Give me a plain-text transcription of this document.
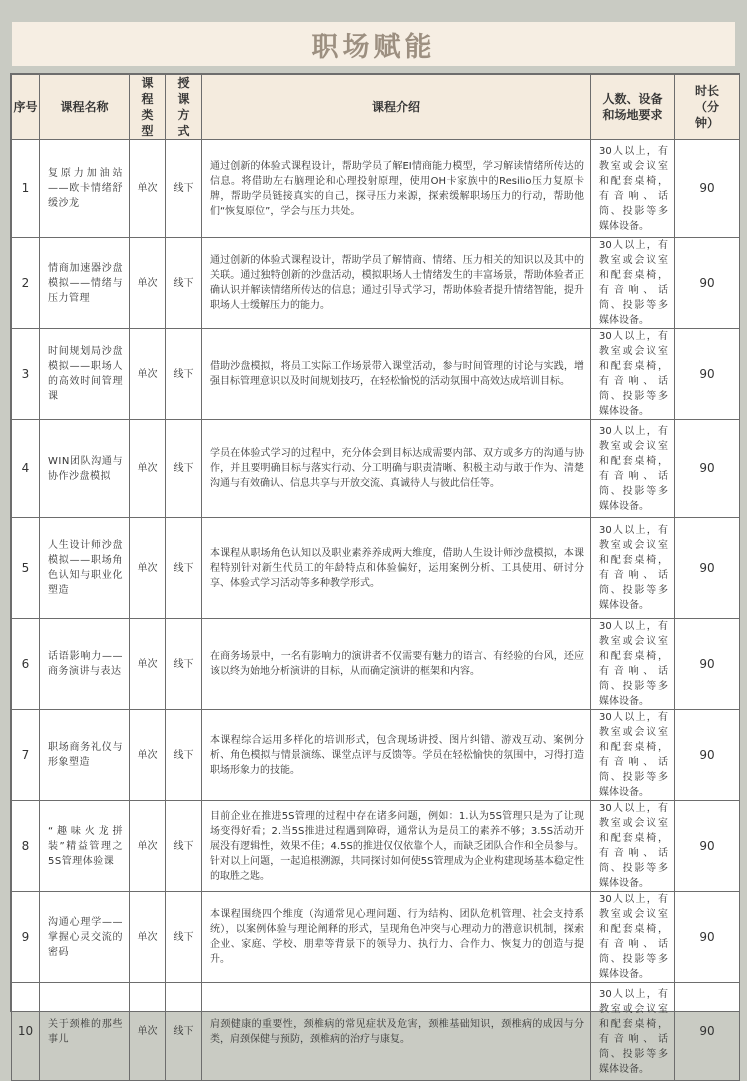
职场赋能
序号	课程名称	课程类型	授课方式	课程介绍	人数、设备和场地要求	时长（分钟）
1	复原力加油站——欧卡情绪舒缓沙龙	单次	线下	通过创新的体验式课程设计，帮助学员了解EI情商能力模型，学习解读情绪所传达的信息。将借助左右脑理论和心理投射原理，使用OH卡家族中的Resilio压力复原卡牌，帮助学员链接真实的自己，探寻压力来源，探索缓解职场压力的行动，帮助他们“恢复原位”，学会与压力共处。	30人以上，有教室或会议室和配套桌椅，有音响、话筒、投影等多媒体设备。	90
2	情商加速器沙盘模拟——情绪与压力管理	单次	线下	通过创新的体验式课程设计，帮助学员了解情商、情绪、压力相关的知识以及其中的关联。通过独特创新的沙盘活动，模拟职场人士情绪发生的丰富场景，帮助体验者正确认识并解读情绪所传达的信息；通过引导式学习，帮助体验者提升情绪智能，提升职场人士缓解压力的能力。	30人以上，有教室或会议室和配套桌椅，有音响、话筒、投影等多媒体设备。	90
3	时间规划局沙盘模拟——职场人的高效时间管理课	单次	线下	借助沙盘模拟，将员工实际工作场景带入课堂活动，参与时间管理的讨论与实践，增强目标管理意识以及时间规划技巧，在轻松愉悦的活动氛围中高效达成培训目标。	30人以上，有教室或会议室和配套桌椅，有音响、话筒、投影等多媒体设备。	90
4	WIN团队沟通与协作沙盘模拟	单次	线下	学员在体验式学习的过程中，充分体会到目标达成需要内部、双方或多方的沟通与协作，并且要明确目标与落实行动、分工明确与职责清晰、积极主动与敢于作为、清楚沟通与有效确认、信息共享与开放交流、真诚待人与彼此信任等。	30人以上，有教室或会议室和配套桌椅，有音响、话筒、投影等多媒体设备。	90
5	人生设计师沙盘模拟——职场角色认知与职业化塑造	单次	线下	本课程从职场角色认知以及职业素养养成两大维度，借助人生设计师沙盘模拟，本课程特别针对新生代员工的年龄特点和体验偏好，运用案例分析、工具使用、研讨分享、体验式学习活动等多种教学形式。	30人以上，有教室或会议室和配套桌椅，有音响、话筒、投影等多媒体设备。	90
6	话语影响力——商务演讲与表达	单次	线下	在商务场景中，一名有影响力的演讲者不仅需要有魅力的语言、有经验的台风，还应该以终为始地分析演讲的目标，从而确定演讲的框架和内容。	30人以上，有教室或会议室和配套桌椅，有音响、话筒、投影等多媒体设备。	90
7	职场商务礼仪与形象塑造	单次	线下	本课程综合运用多样化的培训形式，包含现场讲授、图片纠错、游戏互动、案例分析、角色模拟与情景演练、课堂点评与反馈等。学员在轻松愉快的氛围中，习得打造职场形象力的技能。	30人以上，有教室或会议室和配套桌椅，有音响、话筒、投影等多媒体设备。	90
8	“趣味火龙拼装”精益管理之5S管理体验课	单次	线下	目前企业在推进5S管理的过程中存在诸多问题，例如：1.认为5S管理只是为了让现场变得好看；2.当5S推进过程遇到障碍，通常认为是员工的素养不够；3.5S活动开展没有逻辑性，效果不佳；4.5S的推进仅仅依靠个人，而缺乏团队合作和全员参与。针对以上问题，一起追根溯源，共同探讨如何使5S管理成为企业构建现场基本稳定性的取胜之匙。	30人以上，有教室或会议室和配套桌椅，有音响、话筒、投影等多媒体设备。	90
9	沟通心理学——掌握心灵交流的密码	单次	线下	本课程围绕四个维度（沟通常见心理问题、行为结构、团队危机管理、社会支持系统），以案例体验与理论阐释的形式，呈现角色冲突与心理动力的潜意识机制，探索企业、家庭、学校、朋辈等背景下的领导力、执行力、合作力、恢复力的创造与提升。	30人以上，有教室或会议室和配套桌椅，有音响、话筒、投影等多媒体设备。	90
10	关于颈椎的那些事儿	单次	线下	肩颈健康的重要性，颈椎病的常见症状及危害，颈椎基础知识，颈椎病的成因与分类，肩颈保健与预防，颈椎病的治疗与康复。	30人以上，有教室或会议室和配套桌椅，有音响、话筒、投影等多媒体设备。	90
